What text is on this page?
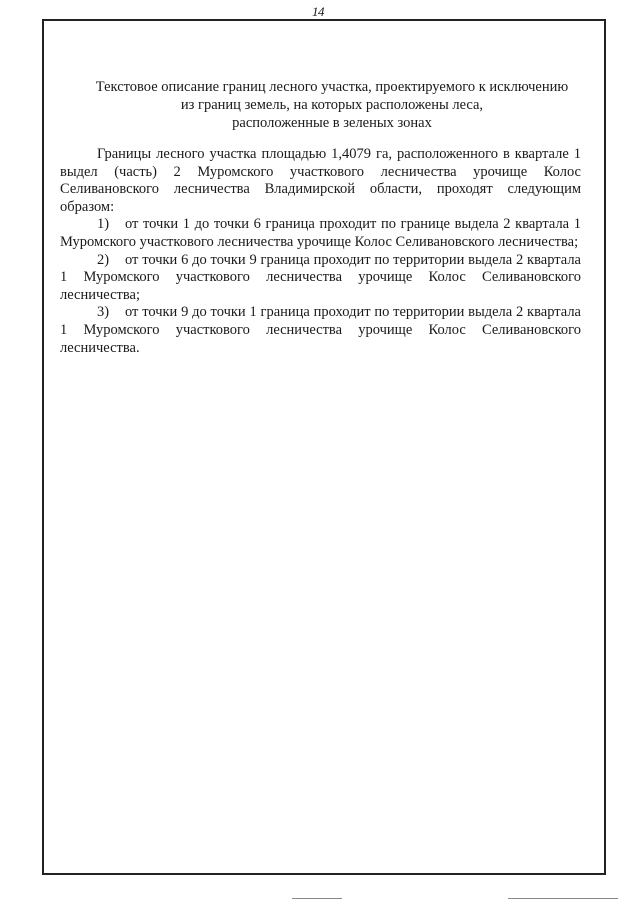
14
Текстовое описание границ лесного участка, проектируемого к исключению
из границ земель, на которых расположены леса,
расположенные в зеленых зонах

Границы лесного участка площадью 1,4079 га, расположенного в квартале 1 выдел (часть) 2 Муромского участкового лесничества урочище Колос Селивановского лесничества Владимирской области, проходят следующим образом:

1) от точки 1 до точки 6 граница проходит по границе выдела 2 квартала 1 Муромского участкового лесничества урочище Колос Селивановского лесничества;

2) от точки 6 до точки 9 граница проходит по территории выдела 2 квартала 1 Муромского участкового лесничества урочище Колос Селивановского лесничества;

3) от точки 9 до точки 1 граница проходит по территории выдела 2 квартала 1 Муромского участкового лесничества урочище Колос Селивановского лесничества.
